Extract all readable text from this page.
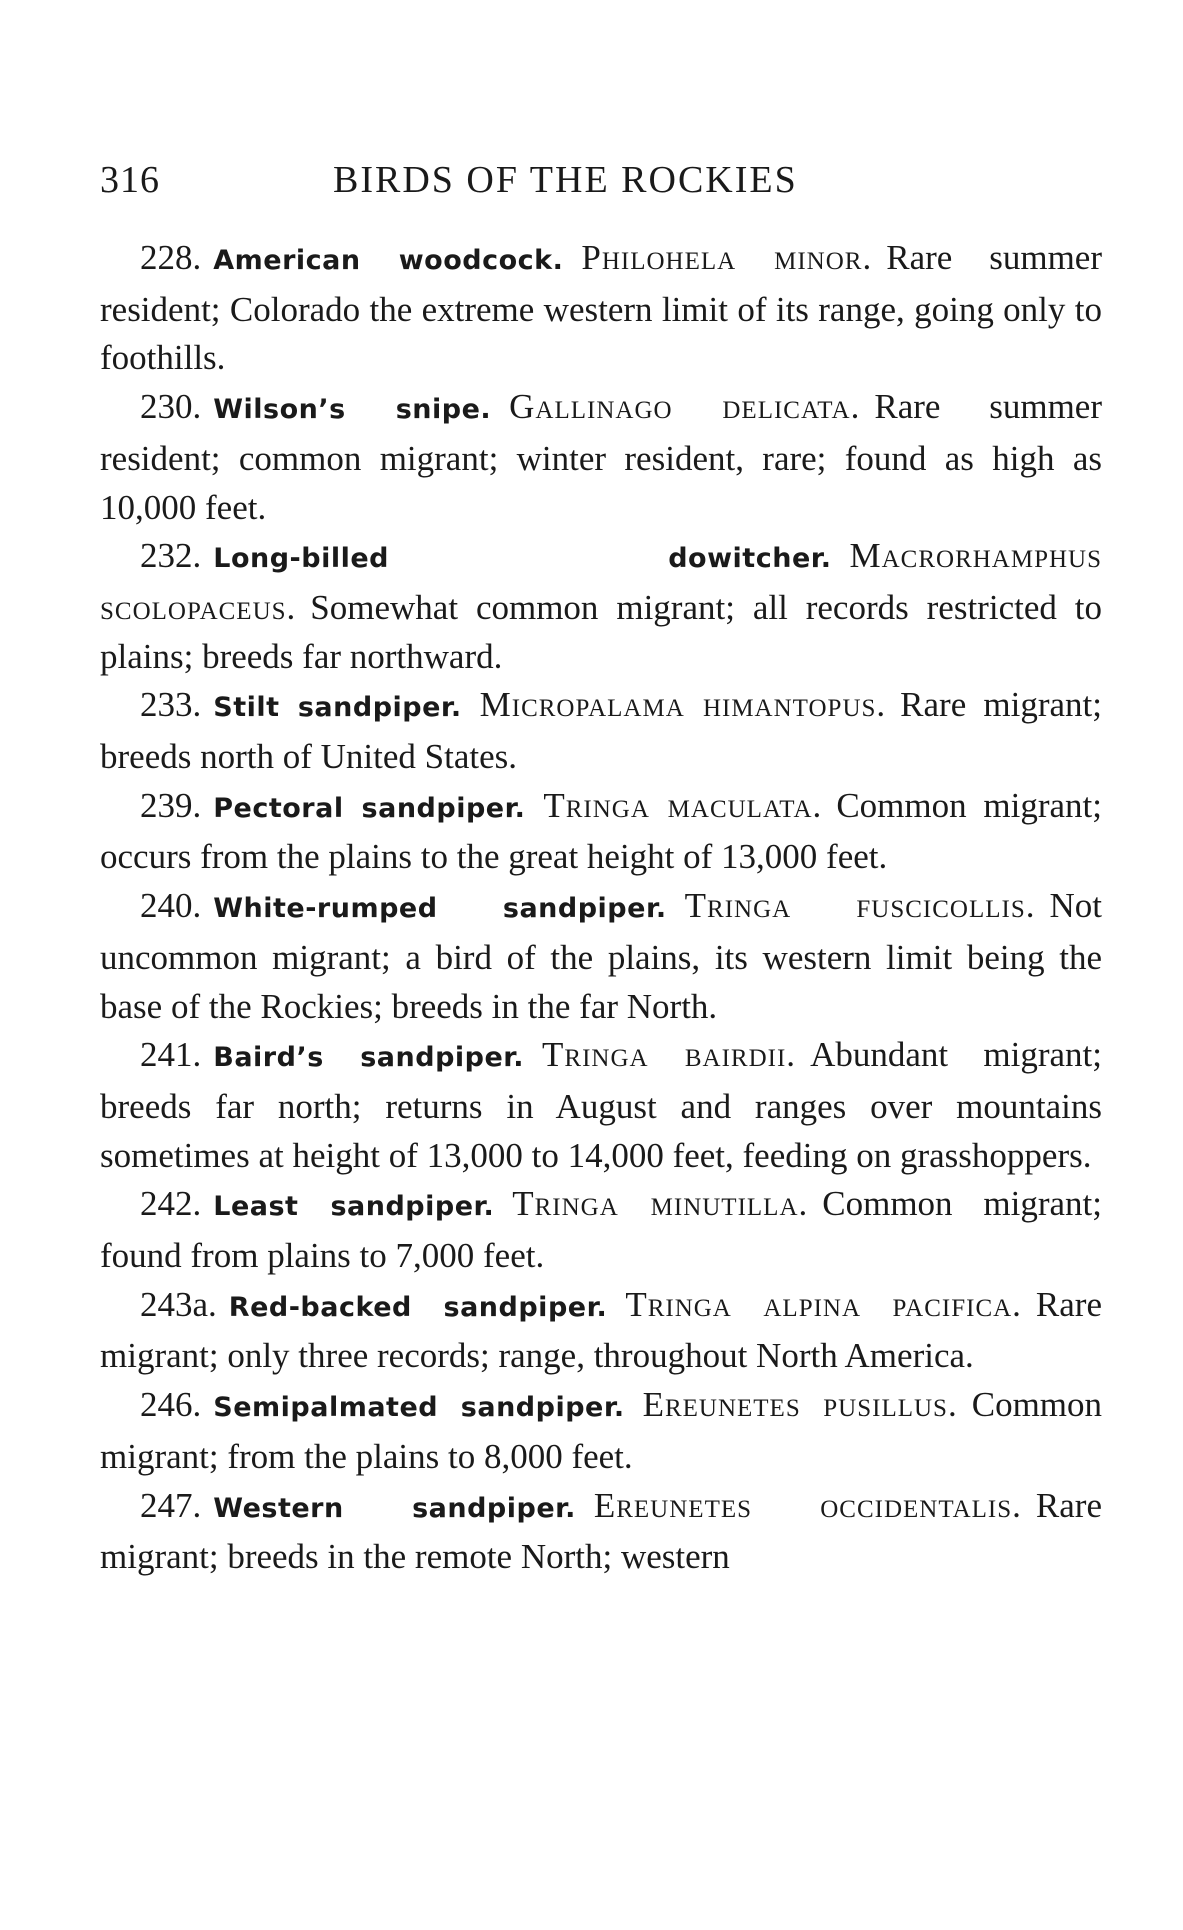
316	BIRDS OF THE ROCKIES

228. American woodcock. Philohela minor. Rare summer resident; Colorado the extreme western limit of its range, going only to foothills.

230. Wilson’s snipe. Gallinago delicata. Rare summer resident; common migrant; winter resident, rare; found as high as 10,000 feet.

232. Long-billed dowitcher. Macrorhamphus scolopaceus. Somewhat common migrant; all records restricted to plains; breeds far northward.

233. Stilt sandpiper. Micropalama himantopus. Rare migrant; breeds north of United States.

239. Pectoral sandpiper. Tringa maculata. Common migrant; occurs from the plains to the great height of 13,000 feet.

240. White-rumped sandpiper. Tringa fuscicollis. Not uncommon migrant; a bird of the plains, its western limit being the base of the Rockies; breeds in the far North.

241. Baird’s sandpiper. Tringa bairdii. Abundant migrant; breeds far north; returns in August and ranges over mountains sometimes at height of 13,000 to 14,000 feet, feeding on grasshoppers.

242. Least sandpiper. Tringa minutilla. Common migrant; found from plains to 7,000 feet.

243a. Red-backed sandpiper. Tringa alpina pacifica. Rare migrant; only three records; range, throughout North America.

246. Semipalmated sandpiper. Ereunetes pusillus. Common migrant; from the plains to 8,000 feet.

247. Western sandpiper. Ereunetes occidentalis. Rare migrant; breeds in the remote North; western
